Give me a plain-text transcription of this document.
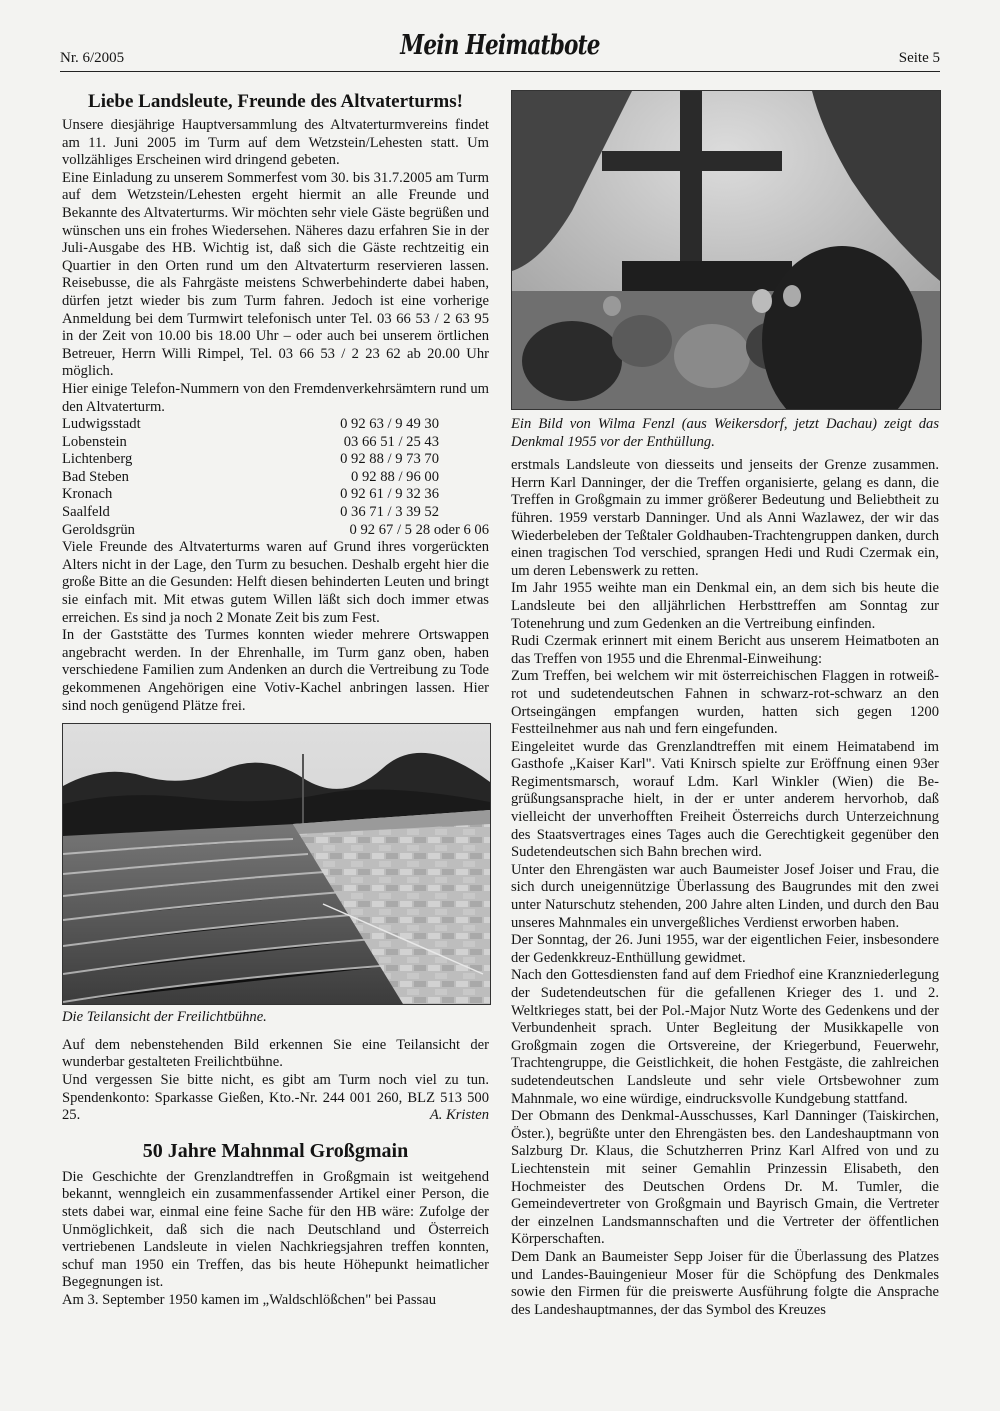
Nr. 6/2005	Mein Heimatbote	Seite 5
Liebe Landsleute, Freunde des Altvaterturms!

Unsere diesjährige Hauptversammlung des Altvaterturmvereins findet am 11. Juni 2005 im Turm auf dem Wetzstein/Lehesten statt. Um vollzähliges Erscheinen wird dringend gebeten.

Eine Einladung zu unserem Sommerfest vom 30. bis 31.7.2005 am Turm auf dem Wetzstein/Lehesten ergeht hiermit an alle Freunde und Bekannte des Altvaterturms. Wir möchten sehr viele Gäste begrüßen und wünschen uns ein frohes Wiedersehen. Näheres dazu erfahren Sie in der Juli-Ausgabe des HB. Wichtig ist, daß sich die Gäste rechtzeitig ein Quartier in den Orten rund um den Altvaterturm reservieren lassen. Reisebusse, die als Fahrgäste meistens Schwerbehinderte dabei haben, dürfen jetzt wieder bis zum Turm fahren. Jedoch ist eine vorherige Anmeldung bei dem Turmwirt telefonisch unter Tel. 03 66 53 / 2 63 95 in der Zeit von 10.00 bis 18.00 Uhr – oder auch bei unserem örtlichen Betreuer, Herrn Willi Rimpel, Tel. 03 66 53 / 2 23 62 ab 20.00 Uhr möglich.

Hier einige Telefon-Nummern von den Fremdenverkehrsämtern rund um den Altvaterturm.

Ludwigsstadt	0 92 63 / 9 49 30
Lobenstein	03 66 51 / 25 43
Lichtenberg	0 92 88 / 9 73 70
Bad Steben	0 92 88 / 96 00
Kronach	0 92 61 / 9 32 36
Saalfeld	0 36 71 / 3 39 52
Geroldsgrün	0 92 67 / 5 28 oder 6 06

Viele Freunde des Altvaterturms waren auf Grund ihres vorgerückten Alters nicht in der Lage, den Turm zu besuchen. Deshalb ergeht hier die große Bitte an die Gesunden: Helft diesen behinderten Leuten und bringt sie einfach mit. Mit etwas gutem Willen läßt sich doch immer etwas erreichen. Es sind ja noch 2 Monate Zeit bis zum Fest.

In der Gaststätte des Turmes konnten wieder mehrere Ortswappen angebracht werden. In der Ehrenhalle, im Turm ganz oben, haben verschiedene Familien zum Andenken an durch die Vertreibung zu Tode gekommenen Angehörigen eine Votiv-Kachel anbringen lassen. Hier sind noch genügend Plätze frei.

Die Teilansicht der Freilichtbühne.

Auf dem nebenstehenden Bild erkennen Sie eine Teilansicht der wunderbar gestalteten Freilichtbühne.

Und vergessen Sie bitte nicht, es gibt am Turm noch viel zu tun. Spendenkonto: Sparkasse Gießen, Kto.-Nr. 244 001 260, BLZ 513 500 25.	A. Kristen
50 Jahre Mahnmal Großgmain

Die Geschichte der Grenzlandtreffen in Großgmain ist weitgehend bekannt, wenngleich ein zusammenfassender Artikel einer Person, die stets dabei war, einmal eine feine Sache für den HB wäre: Zufolge der Unmöglichkeit, daß sich die nach Deutschland und Österreich vertriebenen Landsleute in vielen Nachkriegsjahren treffen konnten, schuf man 1950 ein Treffen, das bis heute Höhepunkt heimatlicher Begegnungen ist.

Am 3. September 1950 kamen im „Waldschlößchen" bei Passau

Ein Bild von Wilma Fenzl (aus Weikersdorf, jetzt Dachau) zeigt das Denkmal 1955 vor der Enthüllung.

erstmals Landsleute von diesseits und jenseits der Grenze zusammen. Herrn Karl Danninger, der die Treffen organisierte, gelang es dann, die Treffen in Großgmain zu immer größerer Bedeutung und Beliebtheit zu führen. 1959 verstarb Danninger. Und als Anni Wazlawez, der wir das Wiederbeleben der Teßtaler Goldhauben-Trachtengruppen danken, durch einen tragischen Tod verschied, sprangen Hedi und Rudi Czermak ein, um deren Lebenswerk zu retten.

Im Jahr 1955 weihte man ein Denkmal ein, an dem sich bis heute die Landsleute bei den alljährlichen Herbsttreffen am Sonntag zur Totenehrung und zum Gedenken an die Vertreibung einfinden.

Rudi Czermak erinnert mit einem Bericht aus unserem Heimatboten an das Treffen von 1955 und die Ehrenmal-Einweihung:

Zum Treffen, bei welchem wir mit österreichischen Flaggen in rotweiß-rot und sudetendeutschen Fahnen in schwarz-rot-schwarz an den Ortseingängen empfangen wurden, hatten sich gegen 1200 Festteilnehmer aus nah und fern eingefunden.

Eingeleitet wurde das Grenzlandtreffen mit einem Heimatabend im Gasthofe „Kaiser Karl". Vati Knirsch spielte zur Eröffnung einen 93er Regimentsmarsch, worauf Ldm. Karl Winkler (Wien) die Begrüßungsansprache hielt, in der er unter anderem hervorhob, daß vielleicht der unverhofften Freiheit Österreichs durch Unterzeichnung des Staatsvertrages eines Tages auch die Gerechtigkeit gegenüber den Sudetendeutschen sich Bahn brechen wird.

Unter den Ehrengästen war auch Baumeister Josef Joiser und Frau, die sich durch uneigennützige Überlassung des Baugrundes mit den zwei unter Naturschutz stehenden, 200 Jahre alten Linden, und durch den Bau unseres Mahnmales ein unvergeßliches Verdienst erworben haben.

Der Sonntag, der 26. Juni 1955, war der eigentlichen Feier, insbesondere der Gedenkkreuz-Enthüllung gewidmet.

Nach den Gottesdiensten fand auf dem Friedhof eine Kranzniederlegung der Sudetendeutschen für die gefallenen Krieger des 1. und 2. Weltkrieges statt, bei der Pol.-Major Nutz Worte des Gedenkens und der Verbundenheit sprach. Unter Begleitung der Musikkapelle von Großgmain zogen die Ortsvereine, der Kriegerbund, Feuerwehr, Trachtengruppe, die Geistlichkeit, die hohen Festgäste, die zahlreichen sudetendeutschen Landsleute und sehr viele Ortsbewohner zum Mahnmale, wo eine würdige, eindrucksvolle Kundgebung stattfand.

Der Obmann des Denkmal-Ausschusses, Karl Danninger (Taiskirchen, Öster.), begrüßte unter den Ehrengästen bes. den Landeshauptmann von Salzburg Dr. Klaus, die Schutzherren Prinz Karl Alfred von und zu Liechtenstein mit seiner Gemahlin Prinzessin Elisabeth, den Hochmeister des Deutschen Ordens Dr. M. Tumler, die Gemeindevertreter von Großgmain und Bayrisch Gmain, die Vertreter der einzelnen Landsmannschaften und die Vertreter der öffentlichen Körperschaften.

Dem Dank an Baumeister Sepp Joiser für die Überlassung des Platzes und Landes-Bauingenieur Moser für die Schöpfung des Denkmales sowie den Firmen für die preiswerte Ausführung folgte die Ansprache des Landeshauptmannes, der das Symbol des Kreuzes
